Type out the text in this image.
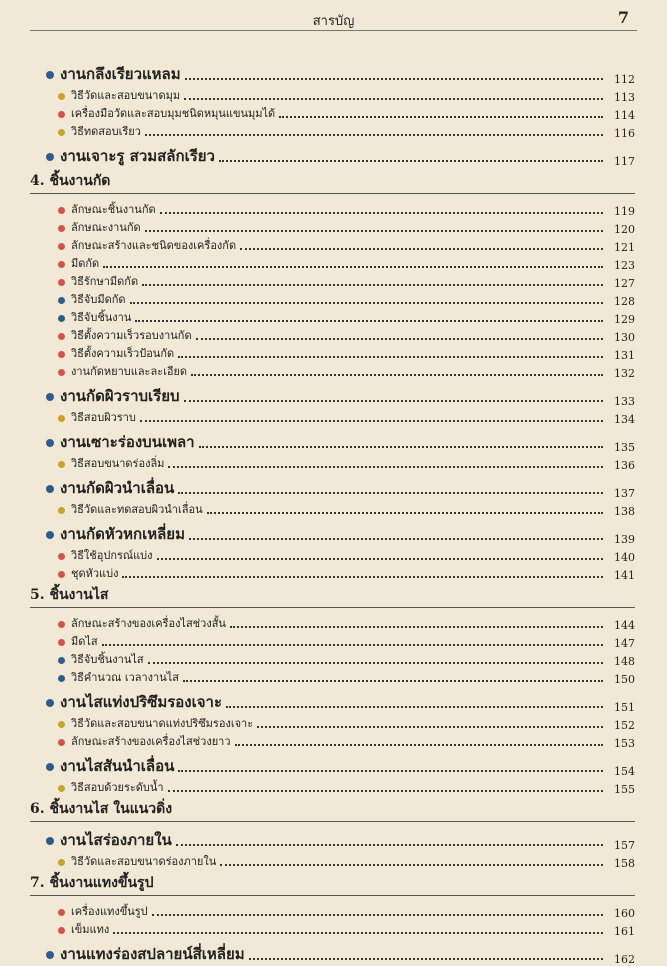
สารบัญ	7
งานกลึงเรียวแหลม	112
วิธีวัดและสอบขนาดมุม	113
เครื่องมือวัดและสอบมุมชนิดหมุนแขนมุมได้	114
วิธีทดสอบเรียว	116
งานเจาะรู สวมสลักเรียว	117
4. ชิ้นงานกัด
ลักษณะชิ้นงานกัด	119
ลักษณะงานกัด	120
ลักษณะสร้างและชนิดของเครื่องกัด	121
มีดกัด	123
วิธีรักษามีดกัด	127
วิธีจับมีดกัด	128
วิธีจับชิ้นงาน	129
วิธีตั้งความเร็วรอบงานกัด	130
วิธีตั้งความเร็วป้อนกัด	131
งานกัดหยาบและละเอียด	132
งานกัดผิวราบเรียบ	133
วิธีสอบผิวราบ	134
งานเซาะร่องบนเพลา	135
วิธีสอบขนาดร่องลิ่ม	136
งานกัดผิวนำเลื่อน	137
วิธีวัดและทดสอบผิวนำเลื่อน	138
งานกัดหัวหกเหลี่ยม	139
วิธีใช้อุปกรณ์แบ่ง	140
ชุดหัวแบ่ง	141
5. ชิ้นงานไส
ลักษณะสร้างของเครื่องไสช่วงสั้น	144
มีดไส	147
วิธีจับชิ้นงานไส	148
วิธีคำนวณ เวลางานไส	150
งานไสแท่งปริซึมรองเจาะ	151
วิธีวัดและสอบขนาดแท่งปริซึมรองเจาะ	152
ลักษณะสร้างของเครื่องไสช่วงยาว	153
งานไสสันนำเลื่อน	154
วิธีสอบด้วยระดับน้ำ	155
6. ชิ้นงานไส ในแนวดิ่ง
งานไสร่องภายใน	157
วิธีวัดและสอบขนาดร่องภายใน	158
7. ชิ้นงานแทงขึ้นรูป
เครื่องแทงขึ้นรูป	160
เข็มแทง	161
งานแทงร่องสปลายน์สี่เหลี่ยม	162
